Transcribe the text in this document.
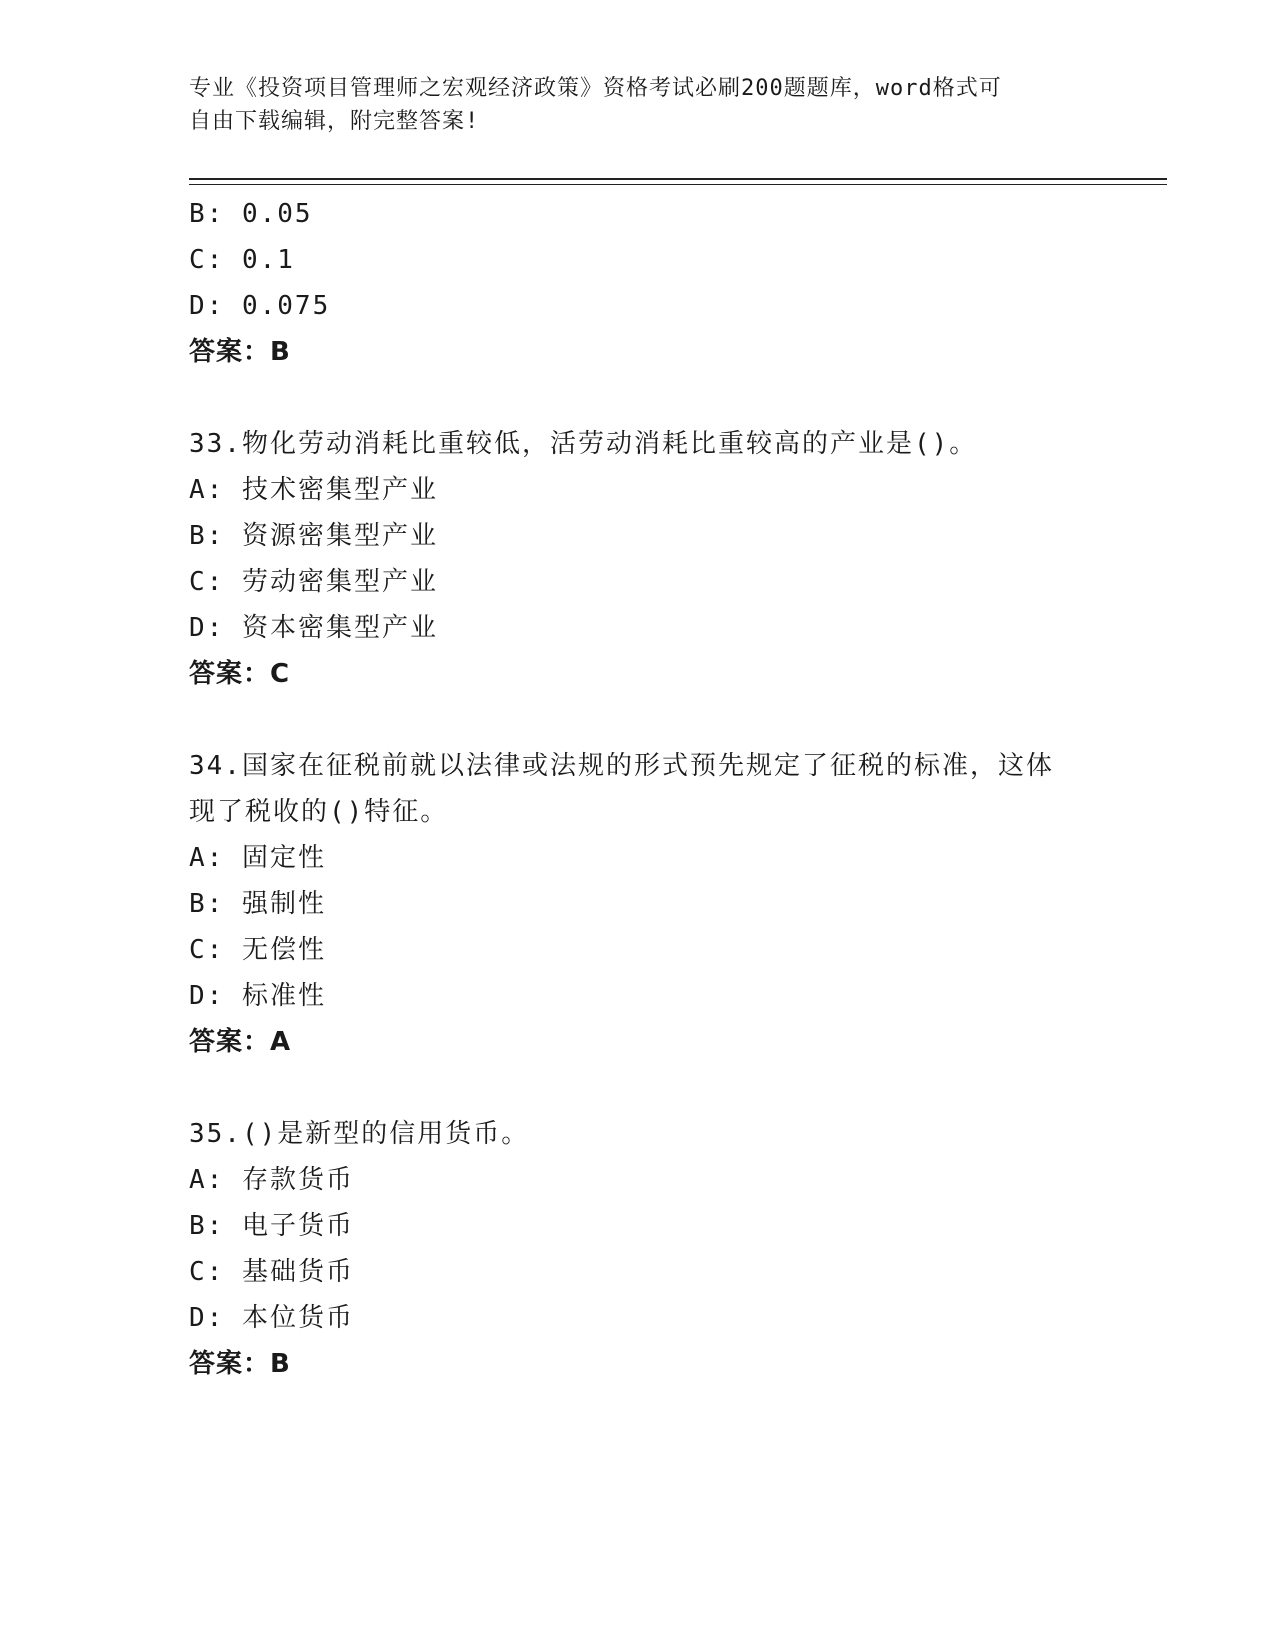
专业《投资项目管理师之宏观经济政策》资格考试必刷200题题库，word格式可
自由下载编辑，附完整答案!
B: 0.05
C: 0.1
D: 0.075
答案：B
33.物化劳动消耗比重较低，活劳动消耗比重较高的产业是()。
A: 技术密集型产业
B: 资源密集型产业
C: 劳动密集型产业
D: 资本密集型产业
答案：C
34.国家在征税前就以法律或法规的形式预先规定了征税的标准，这体
现了税收的()特征。
A: 固定性
B: 强制性
C: 无偿性
D: 标准性
答案：A
35.()是新型的信用货币。
A: 存款货币
B: 电子货币
C: 基础货币
D: 本位货币
答案：B
